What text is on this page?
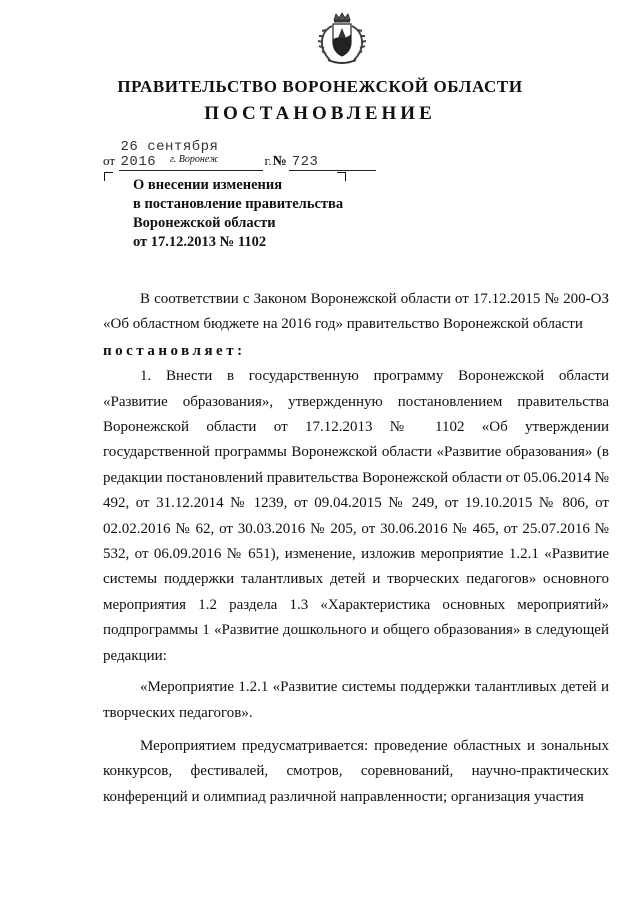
ПРАВИТЕЛЬСТВО ВОРОНЕЖСКОЙ ОБЛАСТИ
ПОСТАНОВЛЕНИЕ
от 26 сентября 2016	г.№ 723
г. Воронеж
О внесении изменения
в постановление правительства
Воронежской области
от 17.12.2013 № 1102

В соответствии с Законом Воронежской области от 17.12.2015 № 200-ОЗ «Об областном бюджете на 2016 год» правительство Воронежской области

постановляет:

1. Внести в государственную программу Воронежской области «Развитие образования», утвержденную постановлением правительства Воронежской области от 17.12.2013 № 1102 «Об утверждении государственной программы Воронежской области «Развитие образования» (в редакции постановлений правительства Воронежской области от 05.06.2014 № 492, от 31.12.2014 № 1239, от 09.04.2015 № 249, от 19.10.2015 № 806, от 02.02.2016 № 62, от 30.03.2016 № 205, от 30.06.2016 № 465, от 25.07.2016 № 532, от 06.09.2016 № 651), изменение, изложив мероприятие 1.2.1 «Развитие системы поддержки талантливых детей и творческих педагогов» основного мероприятия 1.2 раздела 1.3 «Характеристика основных мероприятий» подпрограммы 1 «Развитие дошкольного и общего образования» в следующей редакции:

«Мероприятие 1.2.1 «Развитие системы поддержки талантливых детей и творческих педагогов».

Мероприятием предусматривается: проведение областных и зональных конкурсов, фестивалей, смотров, соревнований, научно-практических конференций и олимпиад различной направленности; организация участия
